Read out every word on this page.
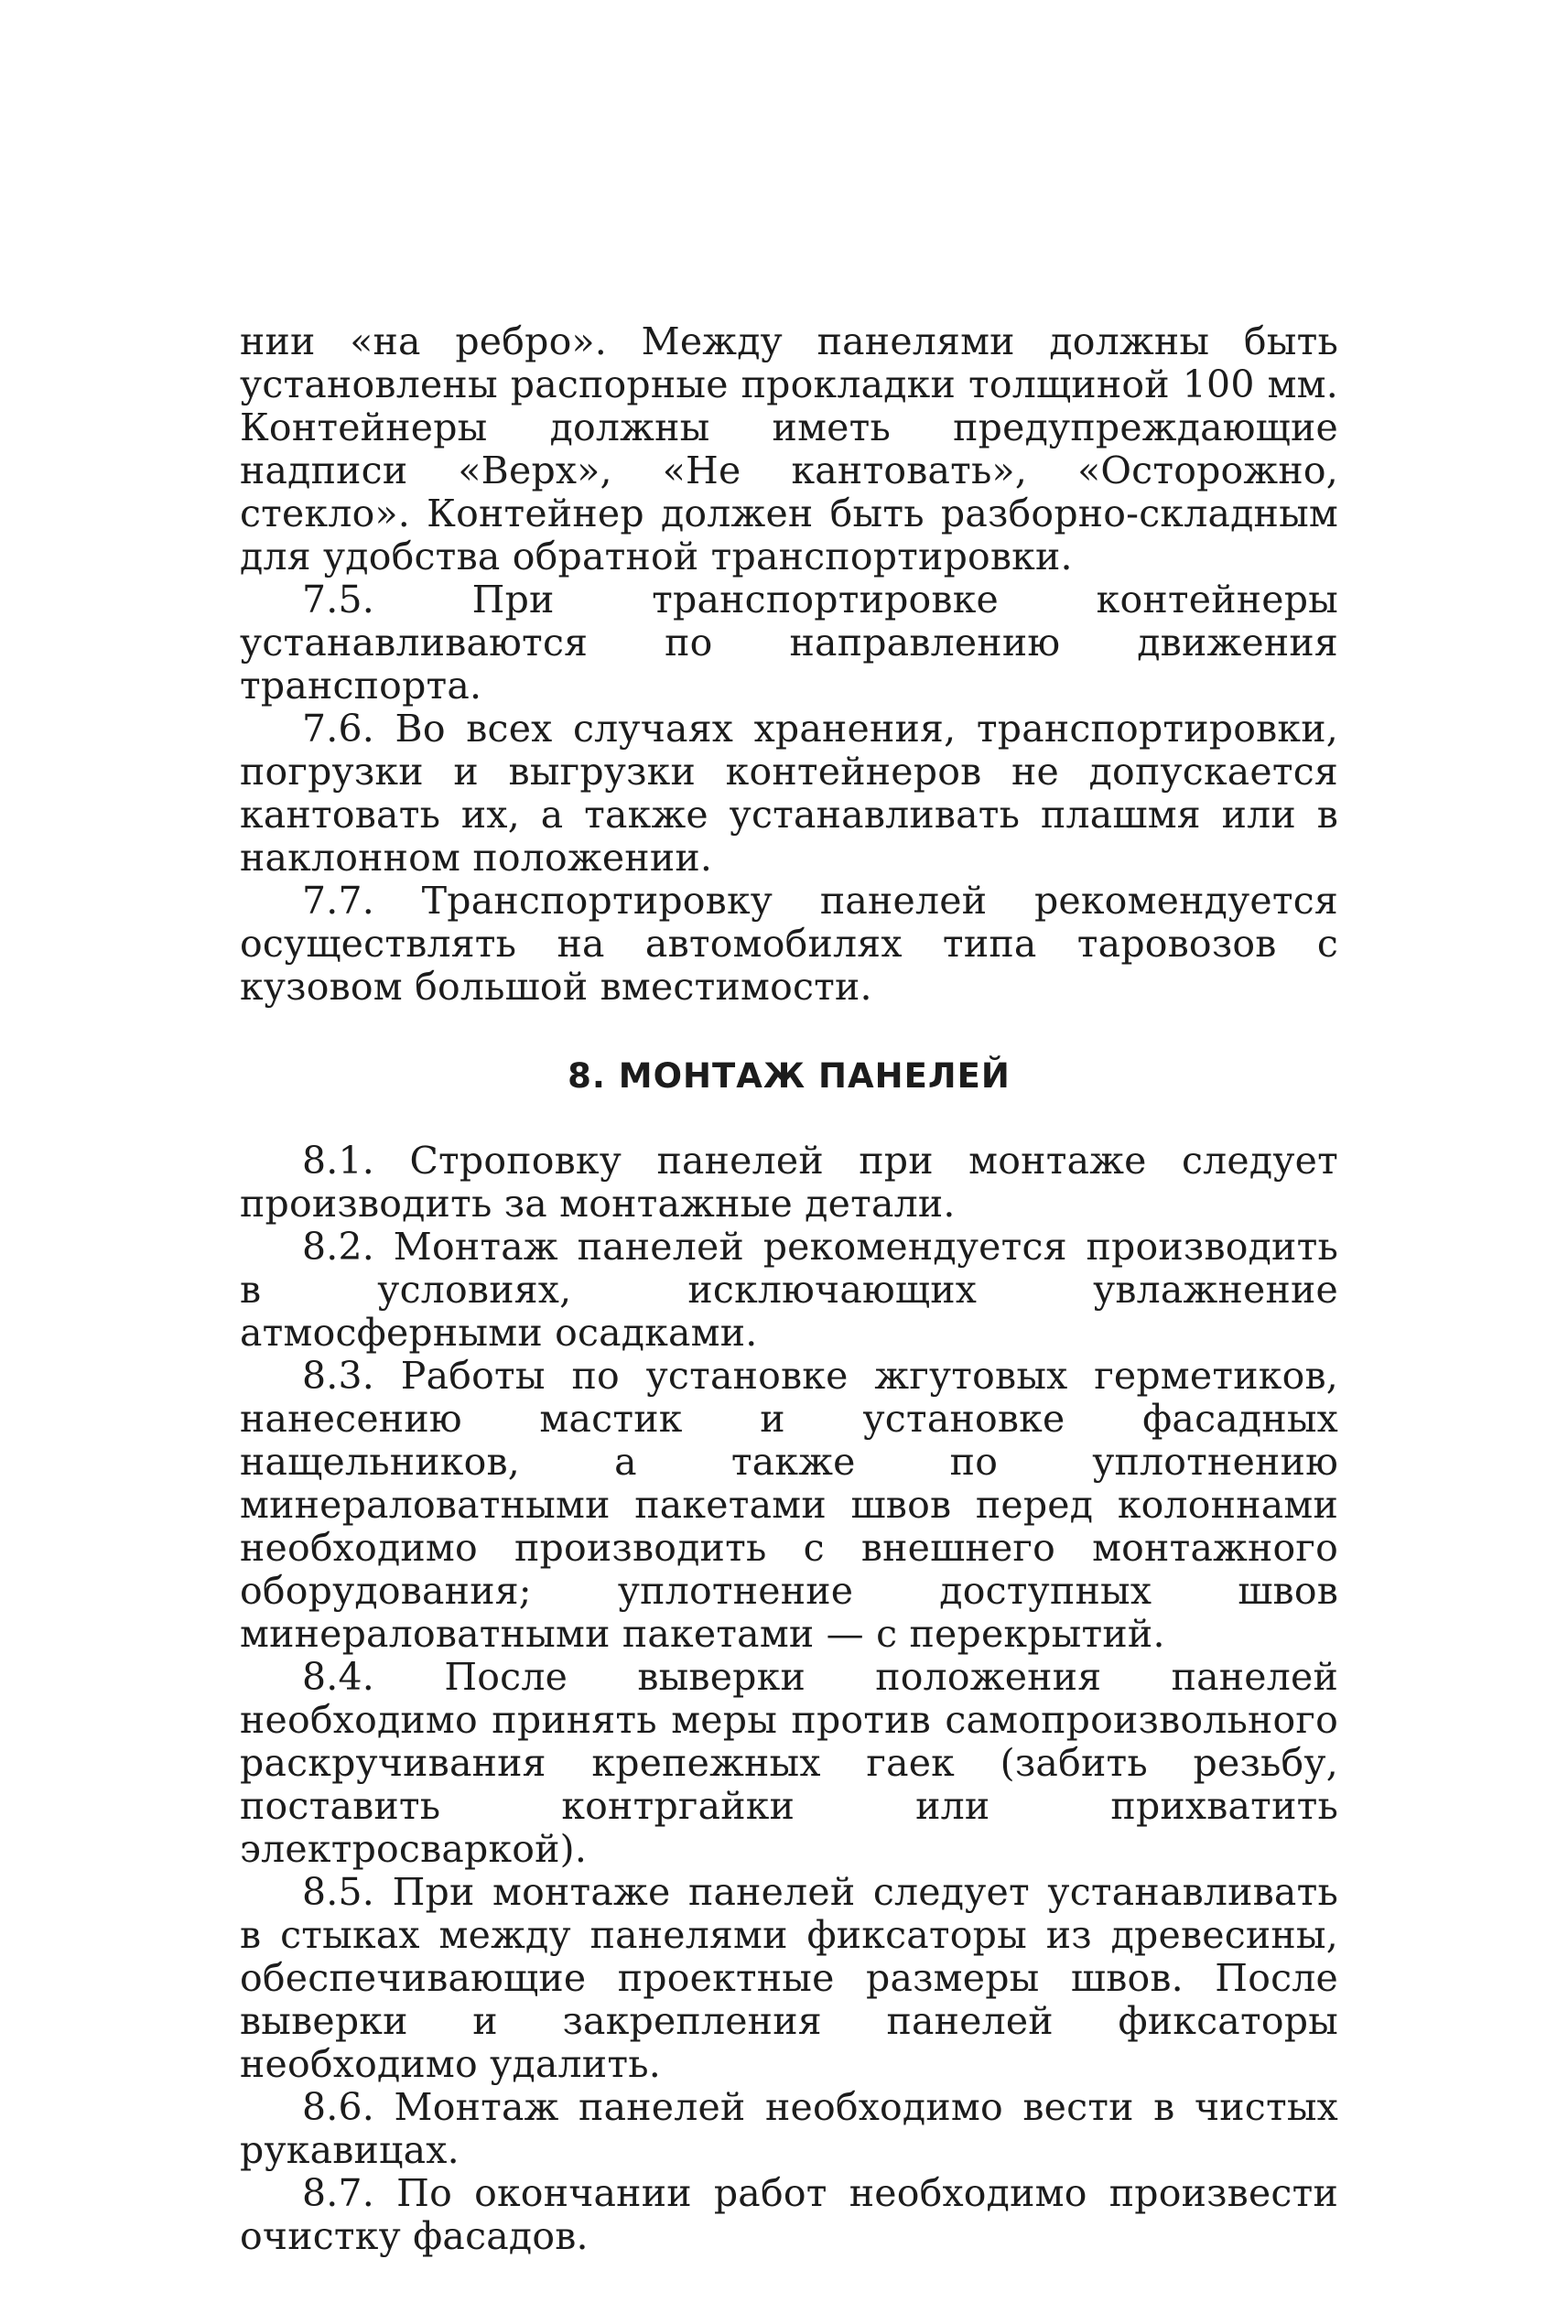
нии «на ребро». Между панелями должны быть установлены распорные прокладки толщиной 100 мм. Контейнеры должны иметь предупреждающие надписи «Верх», «Не кантовать», «Осторожно, стекло». Контейнер должен быть разборно-складным для удобства обратной транспортировки.

7.5. При транспортировке контейнеры устанавливаются по направлению движения транспорта.

7.6. Во всех случаях хранения, транспортировки, погрузки и выгрузки контейнеров не допускается кантовать их, а также устанавливать плашмя или в наклонном положении.

7.7. Транспортировку панелей рекомендуется осуществлять на автомобилях типа таровозов с кузовом большой вместимости.

8. МОНТАЖ ПАНЕЛЕЙ

8.1. Строповку панелей при монтаже следует производить за монтажные детали.

8.2. Монтаж панелей рекомендуется производить в условиях, исключающих увлажнение атмосферными осадками.

8.3. Работы по установке жгутовых герметиков, нанесению мастик и установке фасадных нащельников, а также по уплотнению минераловатными пакетами швов перед колоннами необходимо производить с внешнего монтажного оборудования; уплотнение доступных швов минераловатными пакетами — с перекрытий.

8.4. После выверки положения панелей необходимо принять меры против самопроизвольного раскручивания крепежных гаек (забить резьбу, поставить контргайки или прихватить электросваркой).

8.5. При монтаже панелей следует устанавливать в стыках между панелями фиксаторы из древесины, обеспечивающие проектные размеры швов. После выверки и закрепления панелей фиксаторы необходимо удалить.

8.6. Монтаж панелей необходимо вести в чистых рукавицах.

8.7. По окончании работ необходимо произвести очистку фасадов.
